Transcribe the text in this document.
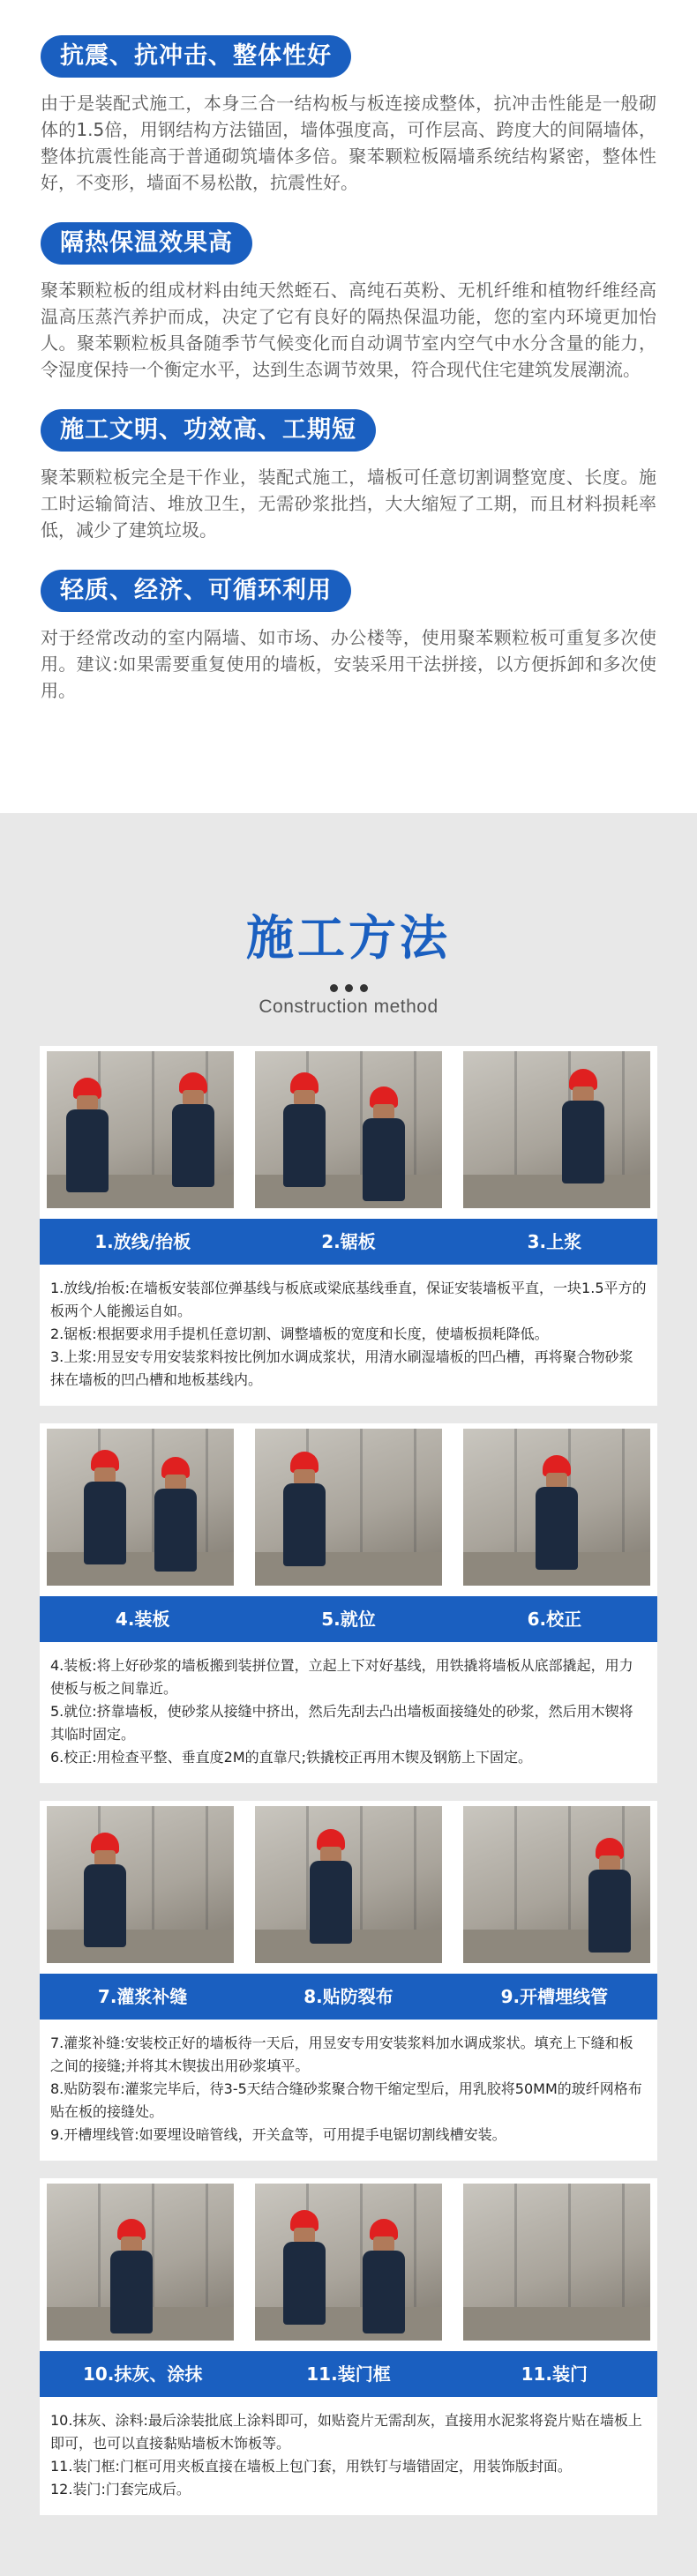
抗震、抗冲击、整体性好
由于是装配式施工，本身三合一结构板与板连接成整体，抗冲击性能是一般砌体的1.5倍，用钢结构方法锚固，墙体强度高，可作层高、跨度大的间隔墙体，整体抗震性能高于普通砌筑墙体多倍。聚苯颗粒板隔墙系统结构紧密，整体性好，不变形，墙面不易松散，抗震性好。
隔热保温效果高
聚苯颗粒板的组成材料由纯天然蛭石、高纯石英粉、无机纤维和植物纤维经高温高压蒸汽养护而成，决定了它有良好的隔热保温功能，您的室内环境更加怡人。聚苯颗粒板具备随季节气候变化而自动调节室内空气中水分含量的能力，令湿度保持一个衡定水平，达到生态调节效果，符合现代住宅建筑发展潮流。
施工文明、功效高、工期短
聚苯颗粒板完全是干作业，装配式施工，墙板可任意切割调整宽度、长度。施工时运输简洁、堆放卫生，无需砂浆批挡，大大缩短了工期，而且材料损耗率低，减少了建筑垃圾。
轻质、经济、可循环利用
对于经常改动的室内隔墙、如市场、办公楼等，使用聚苯颗粒板可重复多次使用。建议:如果需要重复使用的墙板，安装采用干法拼接，以方便拆卸和多次使用。
施工方法
Construction method
1.放线/抬板	2.锯板	3.上浆

1.放线/抬板:在墙板安装部位弹基线与板底或梁底基线垂直，保证安装墙板平直，一块1.5平方的板两个人能搬运自如。

2.锯板:根据要求用手提机任意切割、调整墙板的宽度和长度，使墙板损耗降低。

3.上浆:用昱安专用安装浆料按比例加水调成浆状，用清水刷湿墙板的凹凸槽，再将聚合物砂浆抹在墙板的凹凸槽和地板基线内。

4.装板	5.就位	6.校正

4.装板:将上好砂浆的墙板搬到装拼位置，立起上下对好基线，用铁撬将墙板从底部撬起，用力使板与板之间靠近。

5.就位:挤靠墙板，使砂浆从接缝中挤出，然后先刮去凸出墙板面接缝处的砂浆，然后用木锲将其临时固定。

6.校正:用检查平整、垂直度2M的直靠尺;铁撬校正再用木锲及钢筋上下固定。

7.灌浆补缝	8.贴防裂布	9.开槽埋线管

7.灌浆补缝:安装校正好的墙板待一天后，用昱安专用安装浆料加水调成浆状。填充上下缝和板之间的接缝;并将其木锲拔出用砂浆填平。

8.贴防裂布:灌浆完毕后，待3-5天结合缝砂浆聚合物干缩定型后，用乳胶将50MM的玻纤网格布贴在板的接缝处。

9.开槽埋线管:如要埋设暗管线，开关盒等，可用提手电锯切割线槽安装。

10.抹灰、涂抹	11.装门框	11.装门

10.抹灰、涂料:最后涂装批底上涂料即可，如贴瓷片无需刮灰，直接用水泥浆将瓷片贴在墙板上即可，也可以直接黏贴墙板木饰板等。

11.装门框:门框可用夹板直接在墙板上包门套，用铁钉与墙错固定，用装饰版封面。

12.装门:门套完成后。
